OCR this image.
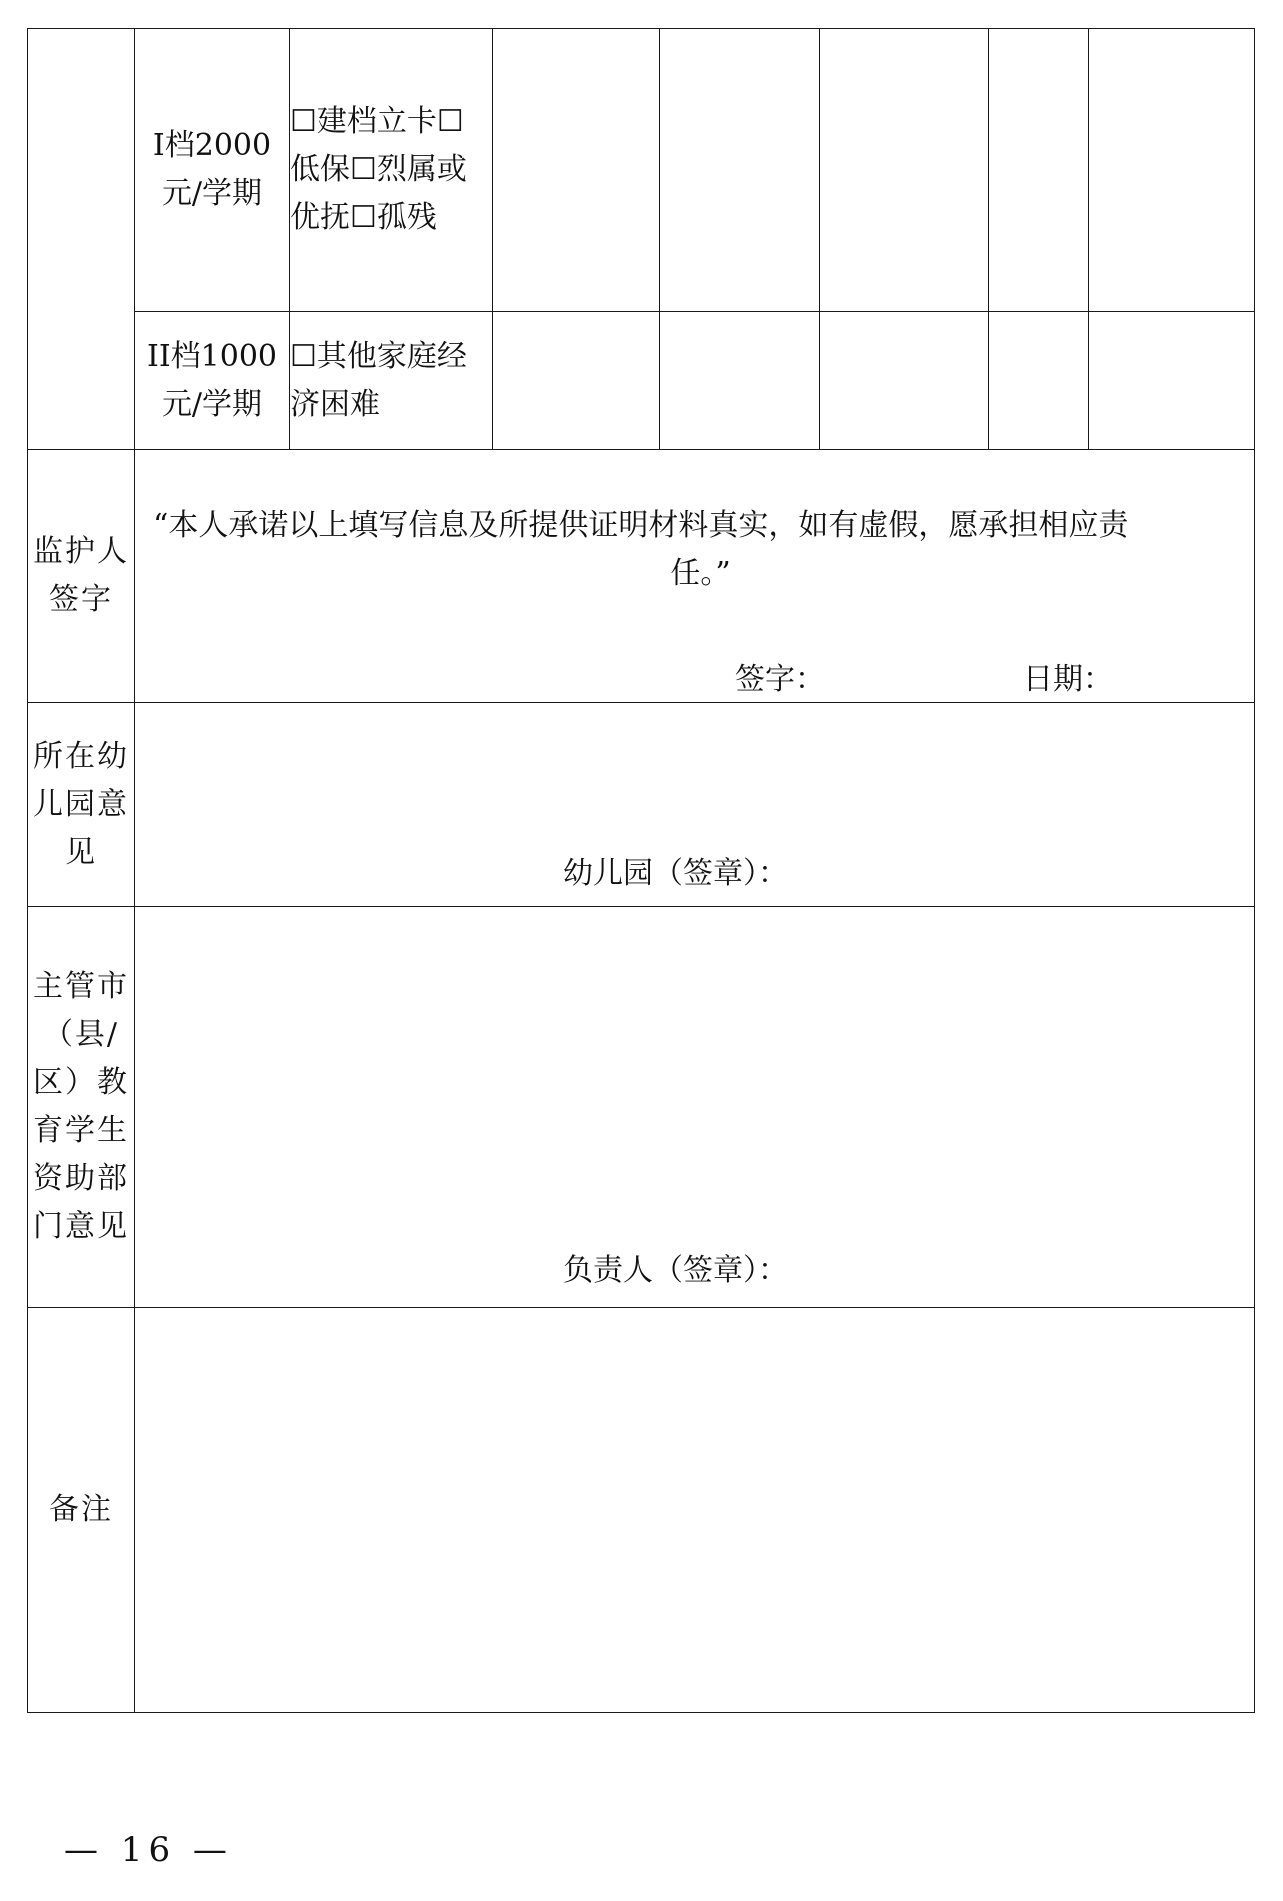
	I档2000元/学期	☐建档立卡☐低保☐烈属或优抚☐孤残					
	II档1000元/学期	☐其他家庭经济困难					
监护人签字	“本人承诺以上填写信息及所提供证明材料真实，如有虚假，愿承担相应责
任。”
签字： 日期：						

所在幼儿园意见	幼儿园（签章）：						

主管市（县/区）教育学生资助部门意见	负责人（签章）：						

备注							
— 16 —
